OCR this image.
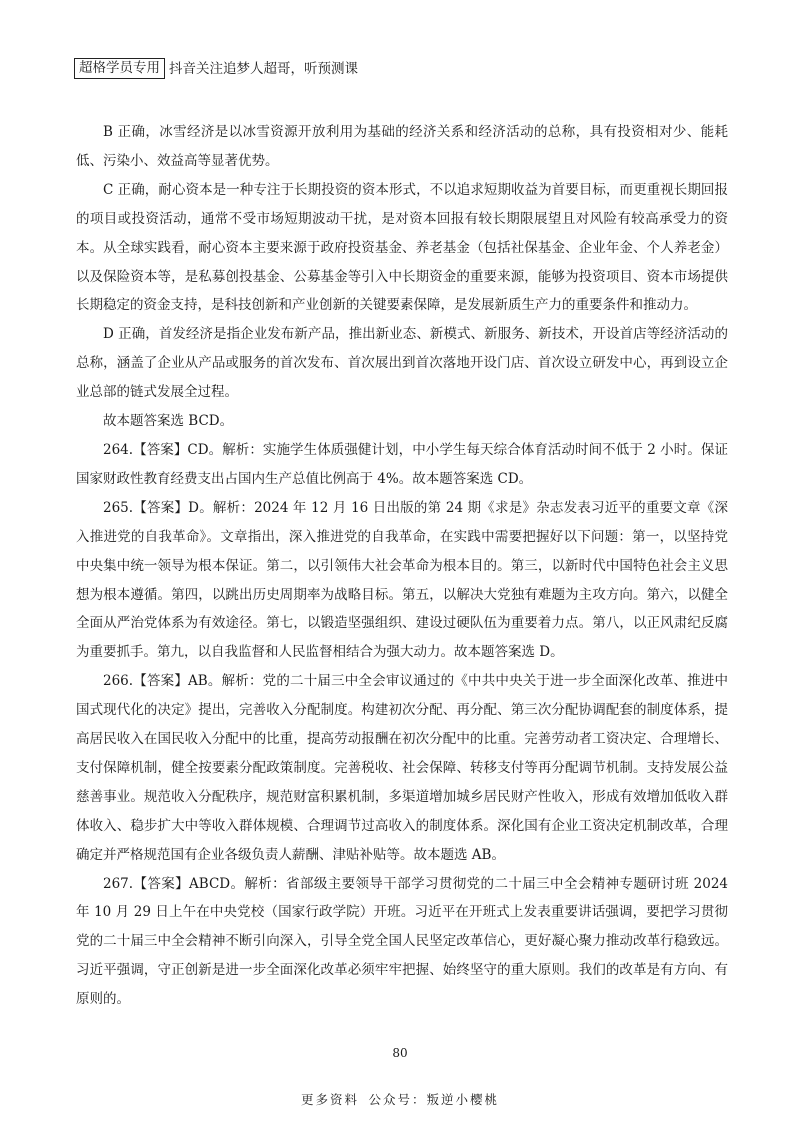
超格学员专用 抖音关注追梦人超哥，听预测课

B 正确，冰雪经济是以冰雪资源开放利用为基础的经济关系和经济活动的总称，具有投资相对少、能耗低、污染小、效益高等显著优势。

C 正确，耐心资本是一种专注于长期投资的资本形式，不以追求短期收益为首要目标，而更重视长期回报的项目或投资活动，通常不受市场短期波动干扰，是对资本回报有较长期限展望且对风险有较高承受力的资本。从全球实践看，耐心资本主要来源于政府投资基金、养老基金（包括社保基金、企业年金、个人养老金）以及保险资本等，是私募创投基金、公募基金等引入中长期资金的重要来源，能够为投资项目、资本市场提供长期稳定的资金支持，是科技创新和产业创新的关键要素保障，是发展新质生产力的重要条件和推动力。

D 正确，首发经济是指企业发布新产品，推出新业态、新模式、新服务、新技术，开设首店等经济活动的总称，涵盖了企业从产品或服务的首次发布、首次展出到首次落地开设门店、首次设立研发中心，再到设立企业总部的链式发展全过程。

故本题答案选 BCD。

264.【答案】CD。解析：实施学生体质强健计划，中小学生每天综合体育活动时间不低于 2 小时。保证国家财政性教育经费支出占国内生产总值比例高于 4%。故本题答案选 CD。

265.【答案】D。解析：2024 年 12 月 16 日出版的第 24 期《求是》杂志发表习近平的重要文章《深入推进党的自我革命》。文章指出，深入推进党的自我革命，在实践中需要把握好以下问题：第一，以坚持党中央集中统一领导为根本保证。第二，以引领伟大社会革命为根本目的。第三，以新时代中国特色社会主义思想为根本遵循。第四，以跳出历史周期率为战略目标。第五，以解决大党独有难题为主攻方向。第六，以健全全面从严治党体系为有效途径。第七，以锻造坚强组织、建设过硬队伍为重要着力点。第八，以正风肃纪反腐为重要抓手。第九，以自我监督和人民监督相结合为强大动力。故本题答案选 D。

266.【答案】AB。解析：党的二十届三中全会审议通过的《中共中央关于进一步全面深化改革、推进中国式现代化的决定》提出，完善收入分配制度。构建初次分配、再分配、第三次分配协调配套的制度体系，提高居民收入在国民收入分配中的比重，提高劳动报酬在初次分配中的比重。完善劳动者工资决定、合理增长、支付保障机制，健全按要素分配政策制度。完善税收、社会保障、转移支付等再分配调节机制。支持发展公益慈善事业。规范收入分配秩序，规范财富积累机制，多渠道增加城乡居民财产性收入，形成有效增加低收入群体收入、稳步扩大中等收入群体规模、合理调节过高收入的制度体系。深化国有企业工资决定机制改革，合理确定并严格规范国有企业各级负责人薪酬、津贴补贴等。故本题选 AB。

267.【答案】ABCD。解析：省部级主要领导干部学习贯彻党的二十届三中全会精神专题研讨班 2024 年 10 月 29 日上午在中央党校（国家行政学院）开班。习近平在开班式上发表重要讲话强调，要把学习贯彻党的二十届三中全会精神不断引向深入，引导全党全国人民坚定改革信心，更好凝心聚力推动改革行稳致远。习近平强调，守正创新是进一步全面深化改革必须牢牢把握、始终坚守的重大原则。我们的改革是有方向、有原则的。

80
更多资料 公众号：叛逆小樱桃
